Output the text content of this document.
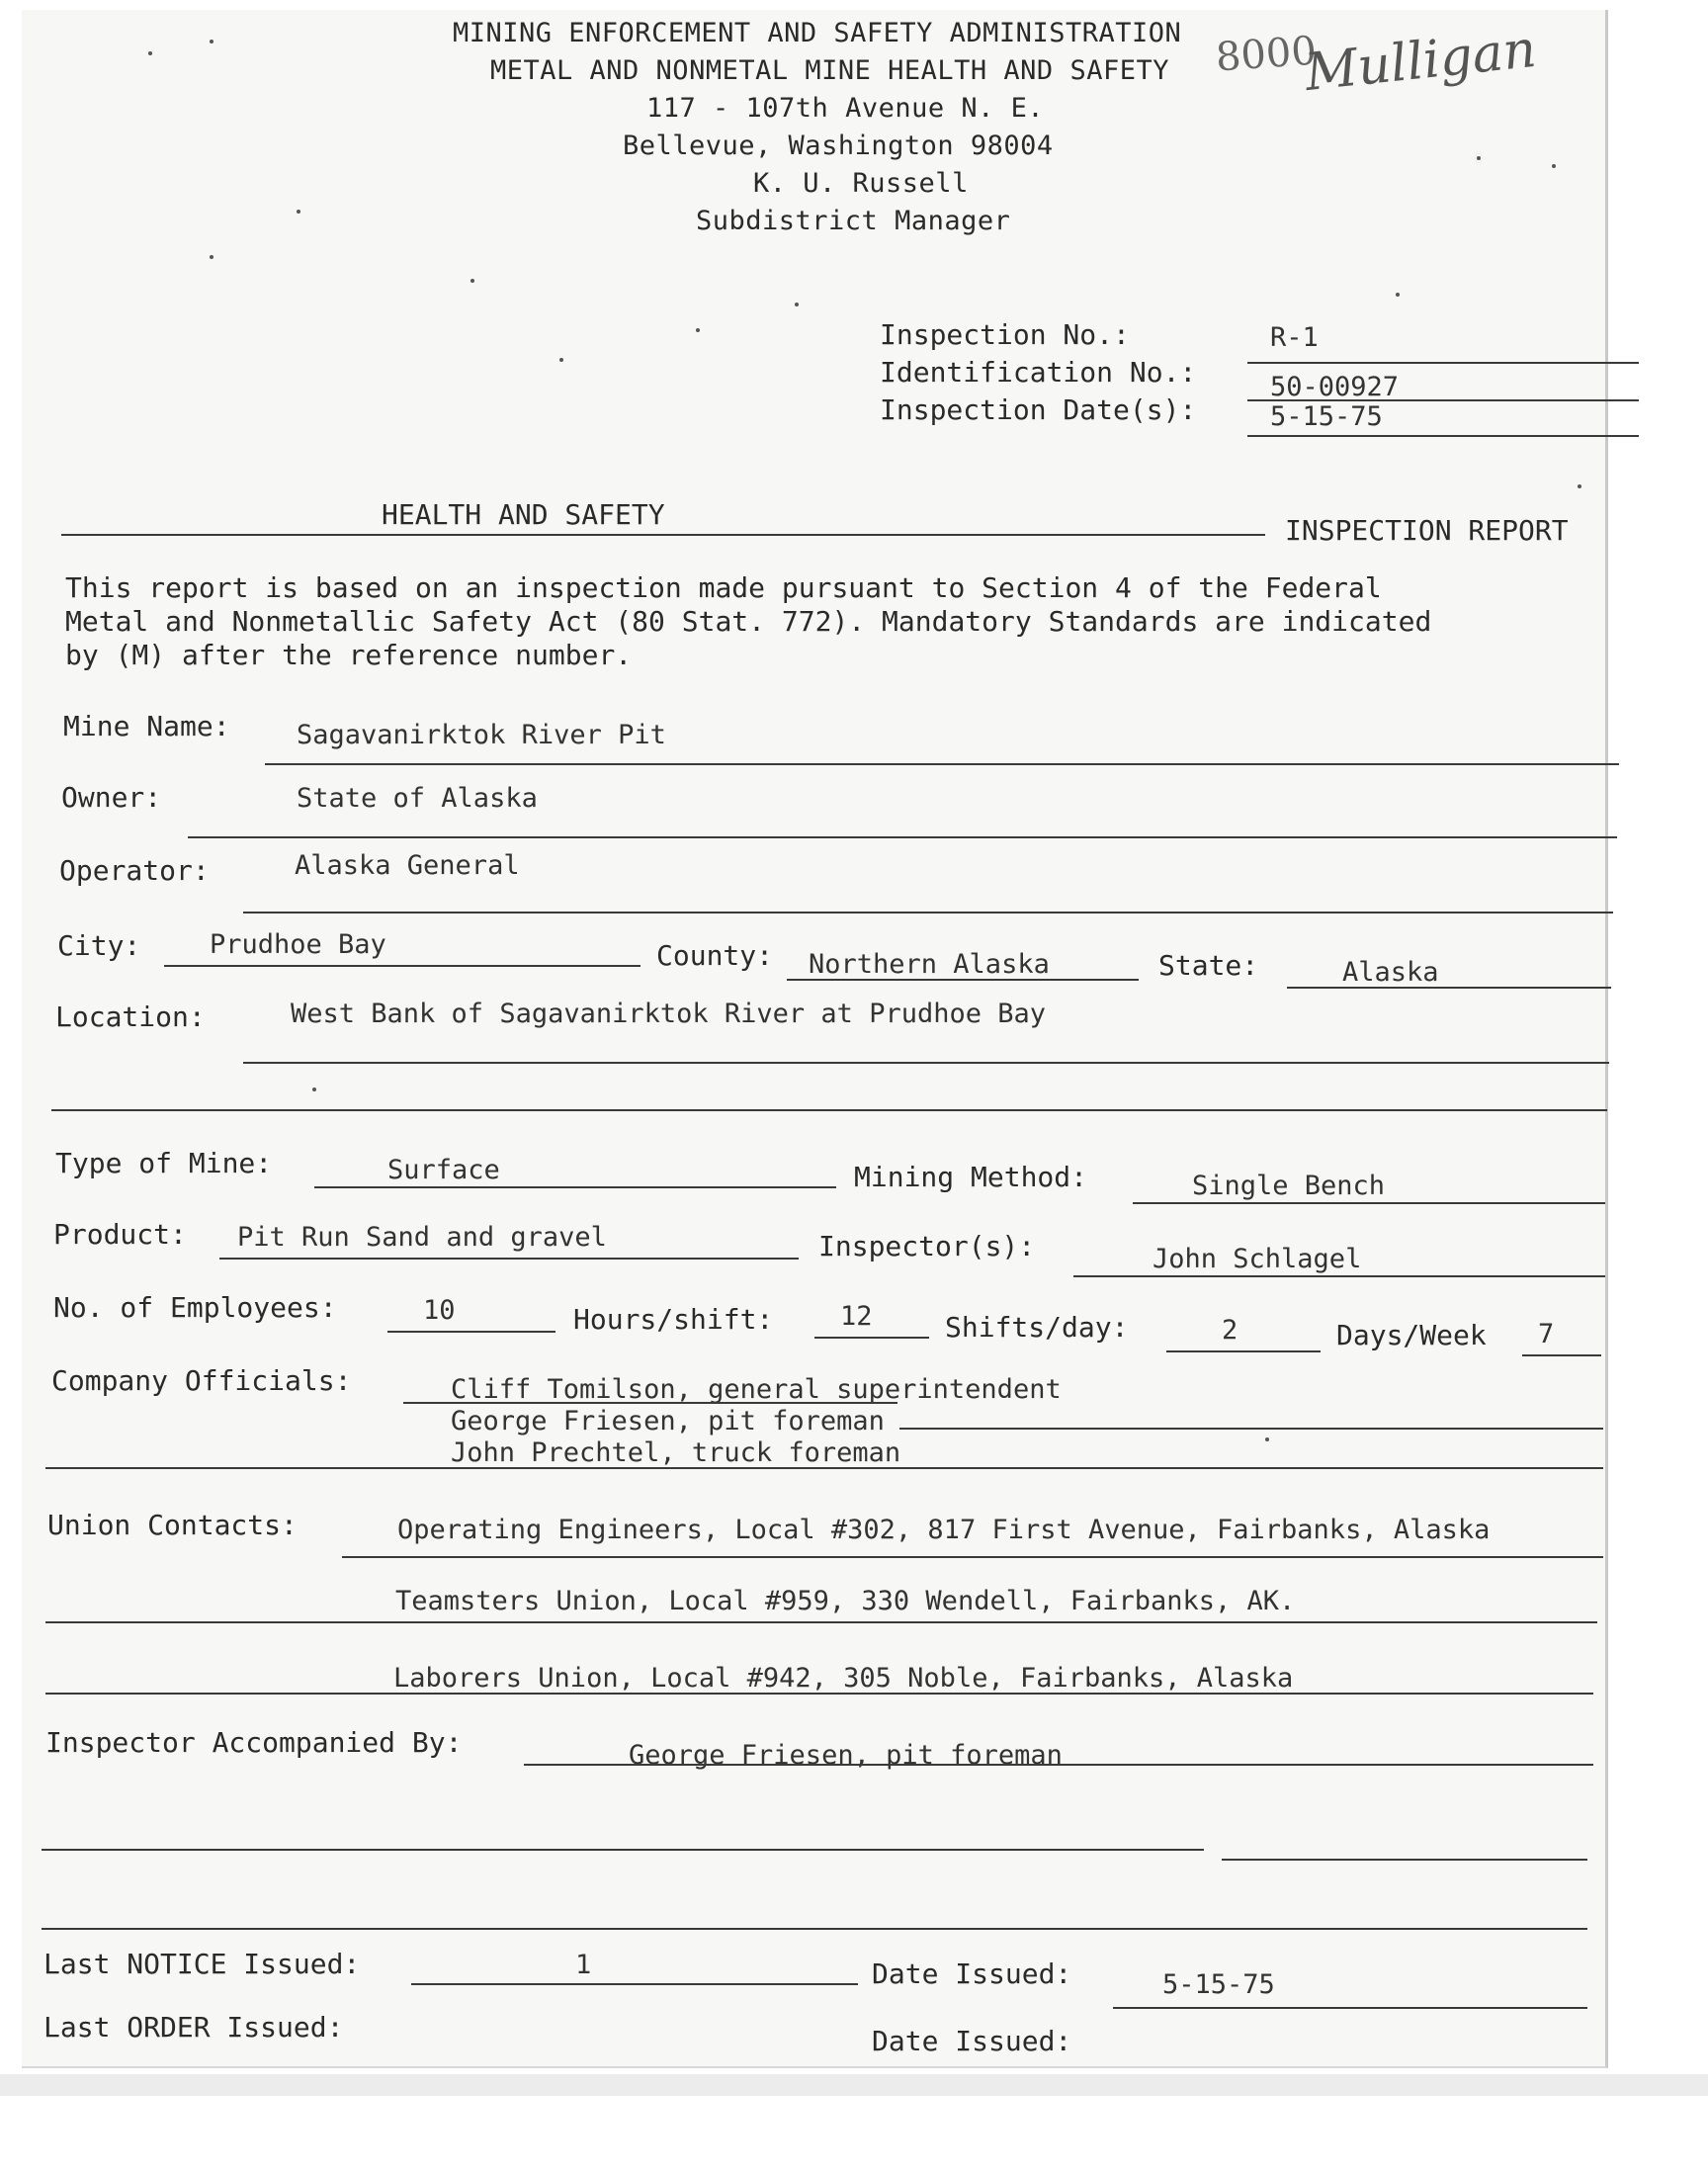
MINING ENFORCEMENT AND SAFETY ADMINISTRATION
METAL AND NONMETAL MINE HEALTH AND SAFETY
117 - 107th Avenue N. E.
Bellevue, Washington 98004
K. U. Russell
Subdistrict Manager
8000
Mulligan
Inspection No.:	R-1
Identification No.:	50-00927
Inspection Date(s):	5-15-75
HEALTH AND SAFETY	INSPECTION REPORT
This report is based on an inspection made pursuant to Section 4 of the Federal
Metal and Nonmetallic Safety Act (80 Stat. 772). Mandatory Standards are indicated
by (M) after the reference number.
Mine Name: Sagavanirktok River Pit
Owner:	State of Alaska
Operator:	Alaska General
City:	Prudhoe Bay	County: Northern Alaska	State:	Alaska
Location:	West Bank of Sagavanirktok River at Prudhoe Bay
Type of Mine:	Surface	Mining Method:	Single Bench
Product: Pit Run Sand and gravel	Inspector(s):	John Schlagel
No. of Employees:	10	Hours/shift:	12	Shifts/day:	2	Days/Week 7
Company Officials:	Cliff Tomilson, general superintendent
George Friesen, pit foreman
John Prechtel, truck foreman
Union Contacts:	Operating Engineers, Local #302, 817 First Avenue, Fairbanks, Alaska
Teamsters Union, Local #959, 330 Wendell, Fairbanks, AK.
Laborers Union, Local #942, 305 Noble, Fairbanks, Alaska
Inspector Accompanied By:	George Friesen, pit foreman
Last NOTICE Issued:	1	Date Issued:	5-15-75
Last ORDER Issued:	Date Issued:
